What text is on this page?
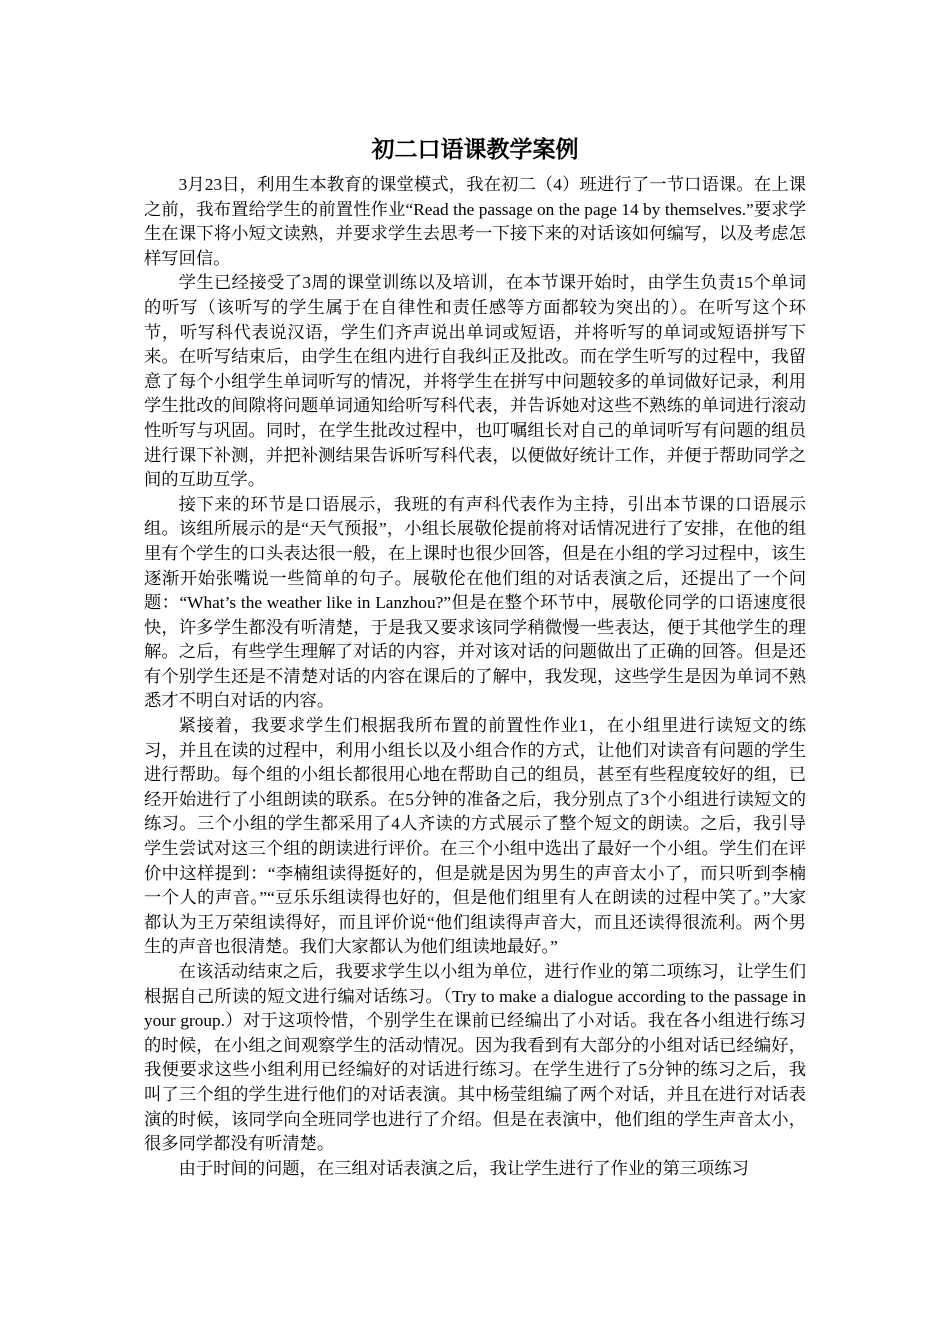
初二口语课教学案例

3月23日，利用生本教育的课堂模式，我在初二（4）班进行了一节口语课。在上课之前，我布置给学生的前置性作业“Read the passage on the page 14 by themselves.”要求学生在课下将小短文读熟，并要求学生去思考一下接下来的对话该如何编写，以及考虑怎样写回信。

学生已经接受了3周的课堂训练以及培训，在本节课开始时，由学生负责15个单词的听写（该听写的学生属于在自律性和责任感等方面都较为突出的）。在听写这个环节，听写科代表说汉语，学生们齐声说出单词或短语，并将听写的单词或短语拼写下来。在听写结束后，由学生在组内进行自我纠正及批改。而在学生听写的过程中，我留意了每个小组学生单词听写的情况，并将学生在拼写中问题较多的单词做好记录，利用学生批改的间隙将问题单词通知给听写科代表，并告诉她对这些不熟练的单词进行滚动性听写与巩固。同时，在学生批改过程中，也叮嘱组长对自己的单词听写有问题的组员进行课下补测，并把补测结果告诉听写科代表，以便做好统计工作，并便于帮助同学之间的互助互学。

接下来的环节是口语展示，我班的有声科代表作为主持，引出本节课的口语展示组。该组所展示的是“天气预报”，小组长展敬伦提前将对话情况进行了安排，在他的组里有个学生的口头表达很一般，在上课时也很少回答，但是在小组的学习过程中，该生逐渐开始张嘴说一些简单的句子。展敬伦在他们组的对话表演之后，还提出了一个问题：“What’s the weather like in Lanzhou?”但是在整个环节中，展敬伦同学的口语速度很快，许多学生都没有听清楚，于是我又要求该同学稍微慢一些表达，便于其他学生的理解。之后，有些学生理解了对话的内容，并对该对话的问题做出了正确的回答。但是还有个别学生还是不清楚对话的内容在课后的了解中，我发现，这些学生是因为单词不熟悉才不明白对话的内容。

紧接着，我要求学生们根据我所布置的前置性作业1，在小组里进行读短文的练习，并且在读的过程中，利用小组长以及小组合作的方式，让他们对读音有问题的学生进行帮助。每个组的小组长都很用心地在帮助自己的组员，甚至有些程度较好的组，已经开始进行了小组朗读的联系。在5分钟的准备之后，我分别点了3个小组进行读短文的练习。三个小组的学生都采用了4人齐读的方式展示了整个短文的朗读。之后，我引导学生尝试对这三个组的朗读进行评价。在三个小组中选出了最好一个小组。学生们在评价中这样提到：“李楠组读得挺好的，但是就是因为男生的声音太小了，而只听到李楠一个人的声音。”“豆乐乐组读得也好的，但是他们组里有人在朗读的过程中笑了。”大家都认为王万荣组读得好，而且评价说“他们组读得声音大，而且还读得很流利。两个男生的声音也很清楚。我们大家都认为他们组读地最好。”

在该活动结束之后，我要求学生以小组为单位，进行作业的第二项练习，让学生们根据自己所读的短文进行编对话练习。（Try to make a dialogue according to the passage in your group.）对于这项怜惜，个别学生在课前已经编出了小对话。我在各小组进行练习的时候，在小组之间观察学生的活动情况。因为我看到有大部分的小组对话已经编好，我便要求这些小组利用已经编好的对话进行练习。在学生进行了5分钟的练习之后，我叫了三个组的学生进行他们的对话表演。其中杨莹组编了两个对话，并且在进行对话表演的时候，该同学向全班同学也进行了介绍。但是在表演中，他们组的学生声音太小，很多同学都没有听清楚。

由于时间的问题，在三组对话表演之后，我让学生进行了作业的第三项练习
